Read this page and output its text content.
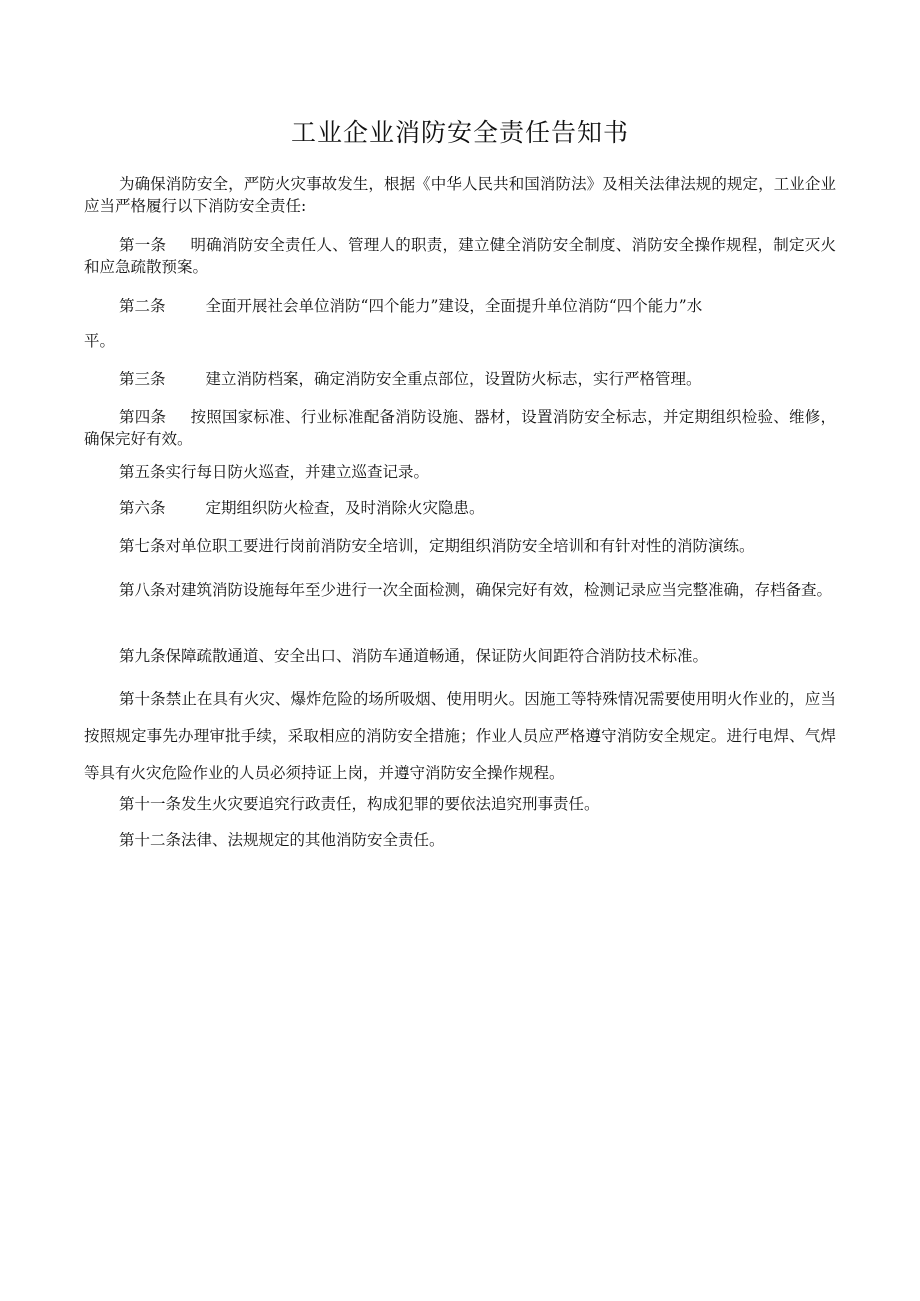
工业企业消防安全责任告知书

为确保消防安全，严防火灾事故发生，根据《中华人民共和国消防法》及相关法律法规的规定，工业企业应当严格履行以下消防安全责任:

第一条 明确消防安全责任人、管理人的职责，建立健全消防安全制度、消防安全操作规程，制定灭火和应急疏散预案。

第二条	全面开展社会单位消防“四个能力”建设，全面提升单位消防“四个能力”水

平。

第三条	建立消防档案，确定消防安全重点部位，设置防火标志，实行严格管理。

第四条 按照国家标准、行业标准配备消防设施、器材，设置消防安全标志，并定期组织检验、维修，确保完好有效。

第五条实行每日防火巡查，并建立巡查记录。

第六条	定期组织防火检查，及时消除火灾隐患。

第七条对单位职工要进行岗前消防安全培训，定期组织消防安全培训和有针对性的消防演练。

第八条对建筑消防设施每年至少进行一次全面检测，确保完好有效，检测记录应当完整准确，存档备查。

第九条保障疏散通道、安全出口、消防车通道畅通，保证防火间距符合消防技术标准。

第十条禁止在具有火灾、爆炸危险的场所吸烟、使用明火。因施工等特殊情况需要使用明火作业的，应当按照规定事先办理审批手续，采取相应的消防安全措施；作业人员应严格遵守消防安全规定。进行电焊、气焊等具有火灾危险作业的人员必须持证上岗，并遵守消防安全操作规程。

第十一条发生火灾要追究行政责任，构成犯罪的要依法追究刑事责任。

第十二条法律、法规规定的其他消防安全责任。
